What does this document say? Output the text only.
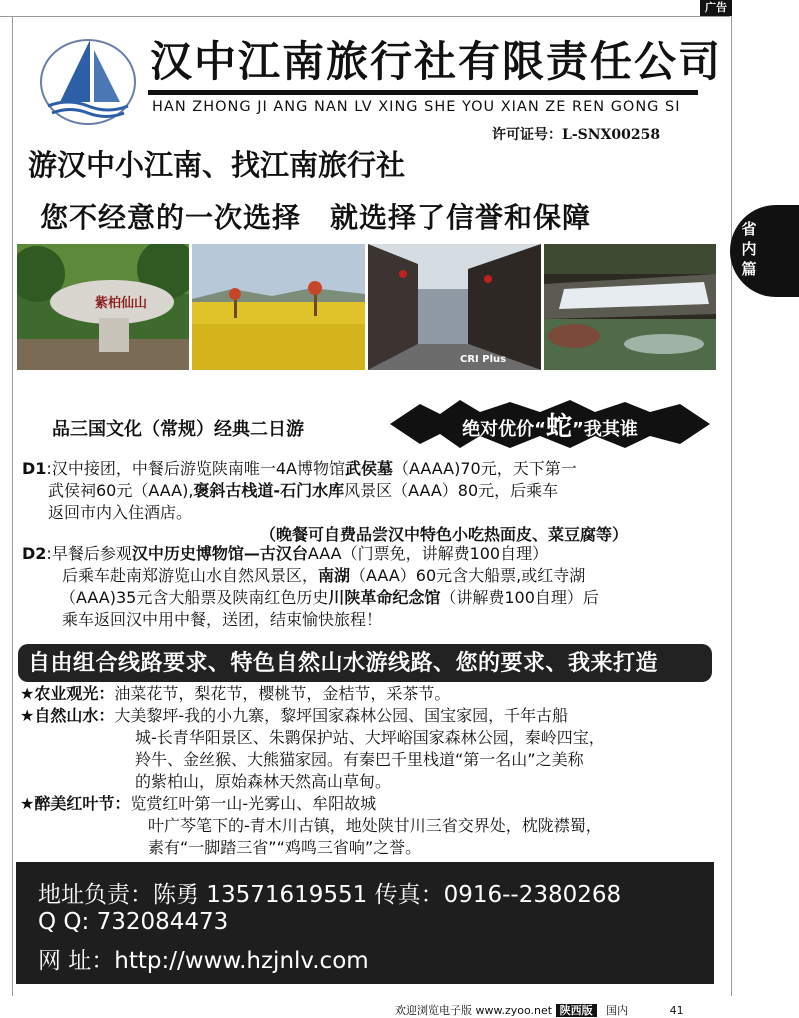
广告
省
内
篇
汉中江南旅行社有限责任公司
HAN ZHONG JI ANG NAN LV XING SHE YOU XIAN ZE REN GONG SI
许可证号：L-SNX00258
游汉中小江南、找江南旅行社
您不经意的一次选择　就选择了信誉和保障
紫柏仙山
CRI Plus
品三国文化（常规）经典二日游	绝对优价“蛇”我其谁
D1:汉中接团，中餐后游览陕南唯一4A博物馆武侯墓（AAAA)70元，天下第一
武侯祠60元（AAA),褒斜古栈道-石门水库风景区（AAA）80元，后乘车
返回市内入住酒店。
（晚餐可自费品尝汉中特色小吃热面皮、菜豆腐等）
D2:早餐后参观汉中历史博物馆—古汉台AAA（门票免，讲解费100自理）
后乘车赴南郑游览山水自然风景区，南湖（AAA）60元含大船票,或红寺湖
（AAA)35元含大船票及陕南红色历史川陕革命纪念馆（讲解费100自理）后
乘车返回汉中用中餐，送团，结束愉快旅程！
自由组合线路要求、特色自然山水游线路、您的要求、我来打造
★农业观光：油菜花节，梨花节，樱桃节，金桔节，采茶节。
★自然山水：大美黎坪-我的小九寨，黎坪国家森林公园、国宝家园，千年古船
城-长青华阳景区、朱鹮保护站、大坪峪国家森林公园，秦岭四宝，
羚牛、金丝猴、大熊猫家园。有秦巴千里栈道“第一名山”之美称
的紫柏山，原始森林天然高山草甸。
★醉美红叶节：览赏红叶第一山-光雾山、牟阳故城
叶广芩笔下的-青木川古镇，地处陕甘川三省交界处，枕陇襟蜀，
素有“一脚踏三省”“鸡鸣三省响”之誉。
地址负责：陈勇 13571619551 传真：0916--2380268
Q Q: 732084473
网 址：http://www.hzjnlv.com
欢迎浏览电子版 www.zyoo.net 陕西版 国内	41
